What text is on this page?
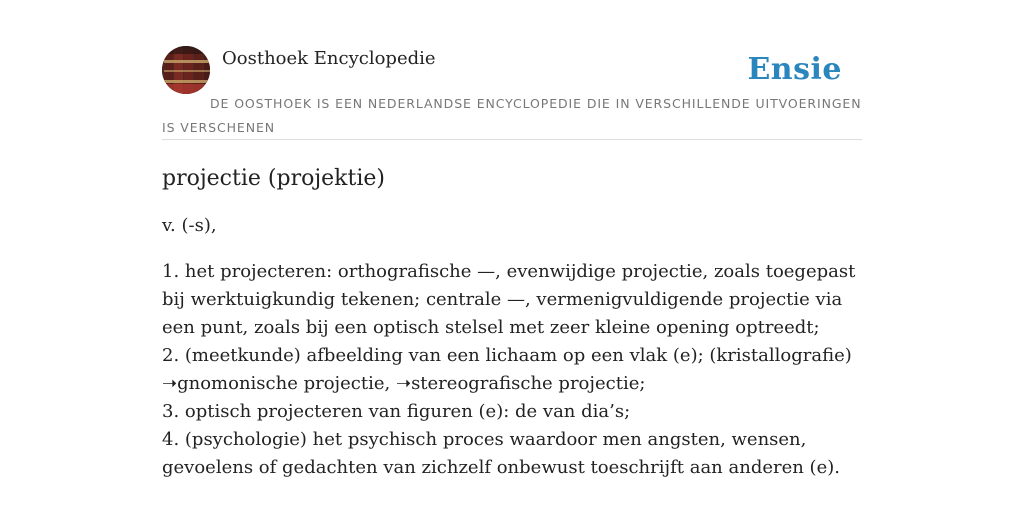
Oosthoek Encyclopedie	Ensie
DE OOSTHOEK IS EEN NEDERLANDSE ENCYCLOPEDIE DIE IN VERSCHILLENDE UITVOERINGEN IS VERSCHENEN
projectie (projektie)

v. (-s),

1. het projecteren: orthografische —, evenwijdige projectie, zoals toegepast bij werktuigkundig tekenen; centrale —, vermenigvuldigende projectie via een punt, zoals bij een optisch stelsel met zeer kleine opening optreedt;
2. (meetkunde) afbeelding van een lichaam op een vlak (e); (kristallografie) ➝gnomonische projectie, ➝stereografische projectie;
3. optisch projecteren van figuren (e): de van dia’s;
4. (psychologie) het psychisch proces waardoor men angsten, wensen, gevoelens of gedachten van zichzelf onbewust toeschrijft aan anderen (e).
